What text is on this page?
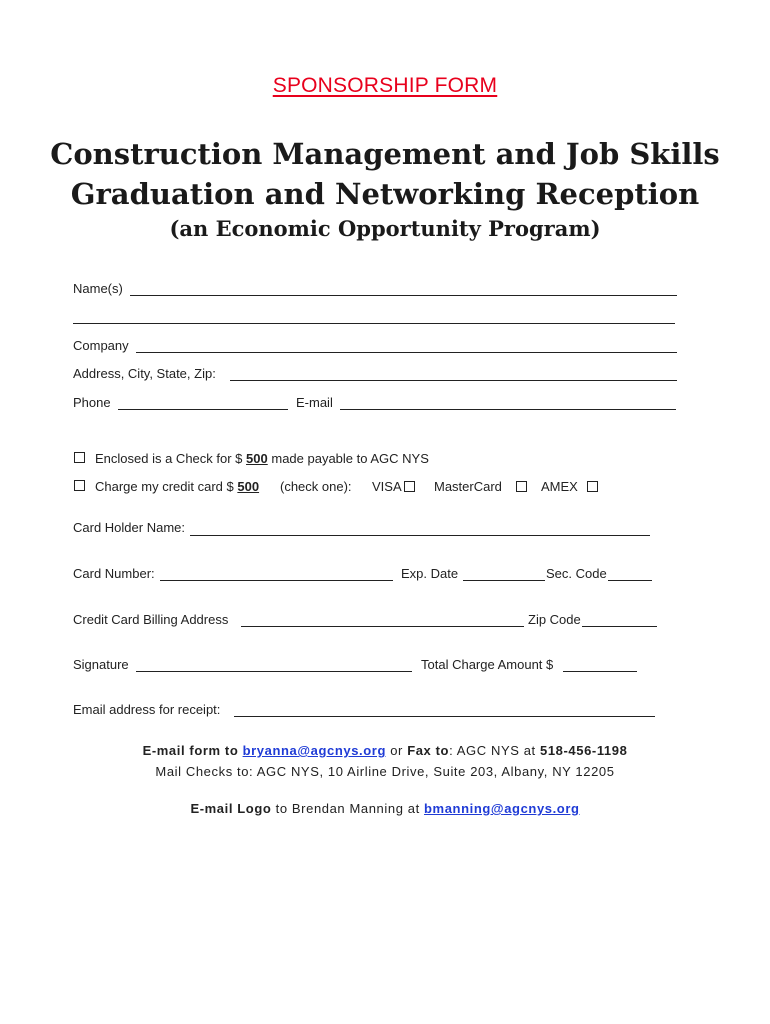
SPONSORSHIP FORM
Construction Management and Job Skills
Graduation and Networking Reception
(an Economic Opportunity Program)
Name(s)
Company
Address, City, State, Zip:
Phone	E-mail
Enclosed is a Check for $ 500 made payable to AGC NYS
Charge my credit card $ 500 (check one): VISA MasterCard	AMEX
Card Holder Name:
Card Number:	Exp. Date	Sec. Code
Credit Card Billing Address	Zip Code
Signature	Total Charge Amount $
Email address for receipt:
E-mail form to bryanna@agcnys.org or Fax to: AGC NYS at 518-456-1198
Mail Checks to: AGC NYS, 10 Airline Drive, Suite 203, Albany, NY 12205
E-mail Logo to Brendan Manning at bmanning@agcnys.org
